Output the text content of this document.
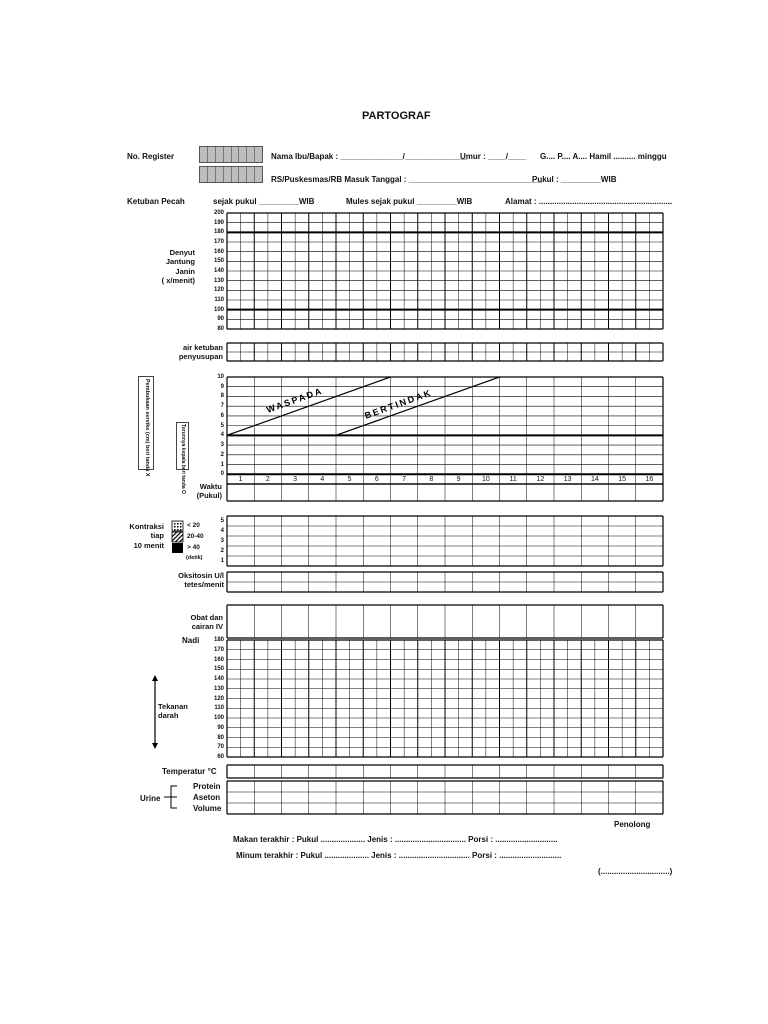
PARTOGRAF
No. Register	Nama Ibu/Bapak : ______________/______________
Umur : ____/____ G.... P.... A.... Hamil .......... minggu
RS/Puskesmas/RB Masuk Tanggal : ______________________________
Pukul : _________WIB
Ketuban Pecah	sejak pukul _________WIB	Mules sejak pukul _________WIB	Alamat : ............................................................
Denyut
Jantung
Janin
( x/menit)
200
190
180
170
160
150
140
130
120
110
100
90
80
air ketuban
penyusupan
Pembukaan serviks (cm) beri tanda X	Turunnya kepala beri tanda O
10
9
8
7
6
5
4
3
2
1
0
WASPADA	BERTINDAK
1	2	3	4	5	6	7	8	9	10	11	12	13	14	15	16
Waktu
(Pukul)
Kontraksi
tiap
10 menit
< 20
20-40
> 40
(detik)
5
4
3
2
1
Oksitosin U/l
tetes/menit
Obat dan
cairan IV
Nadi
Tekanan
darah
180
170
160
150
140
130
120
110
100
90
80
70
60
Temperatur °C
Urine
Protein
Aseton
Volume
Penolong
Makan terakhir : Pukul .................... Jenis : ................................ Porsi : ............................
Minum terakhir : Pukul .................... Jenis : ................................ Porsi : ............................
(...............................)
